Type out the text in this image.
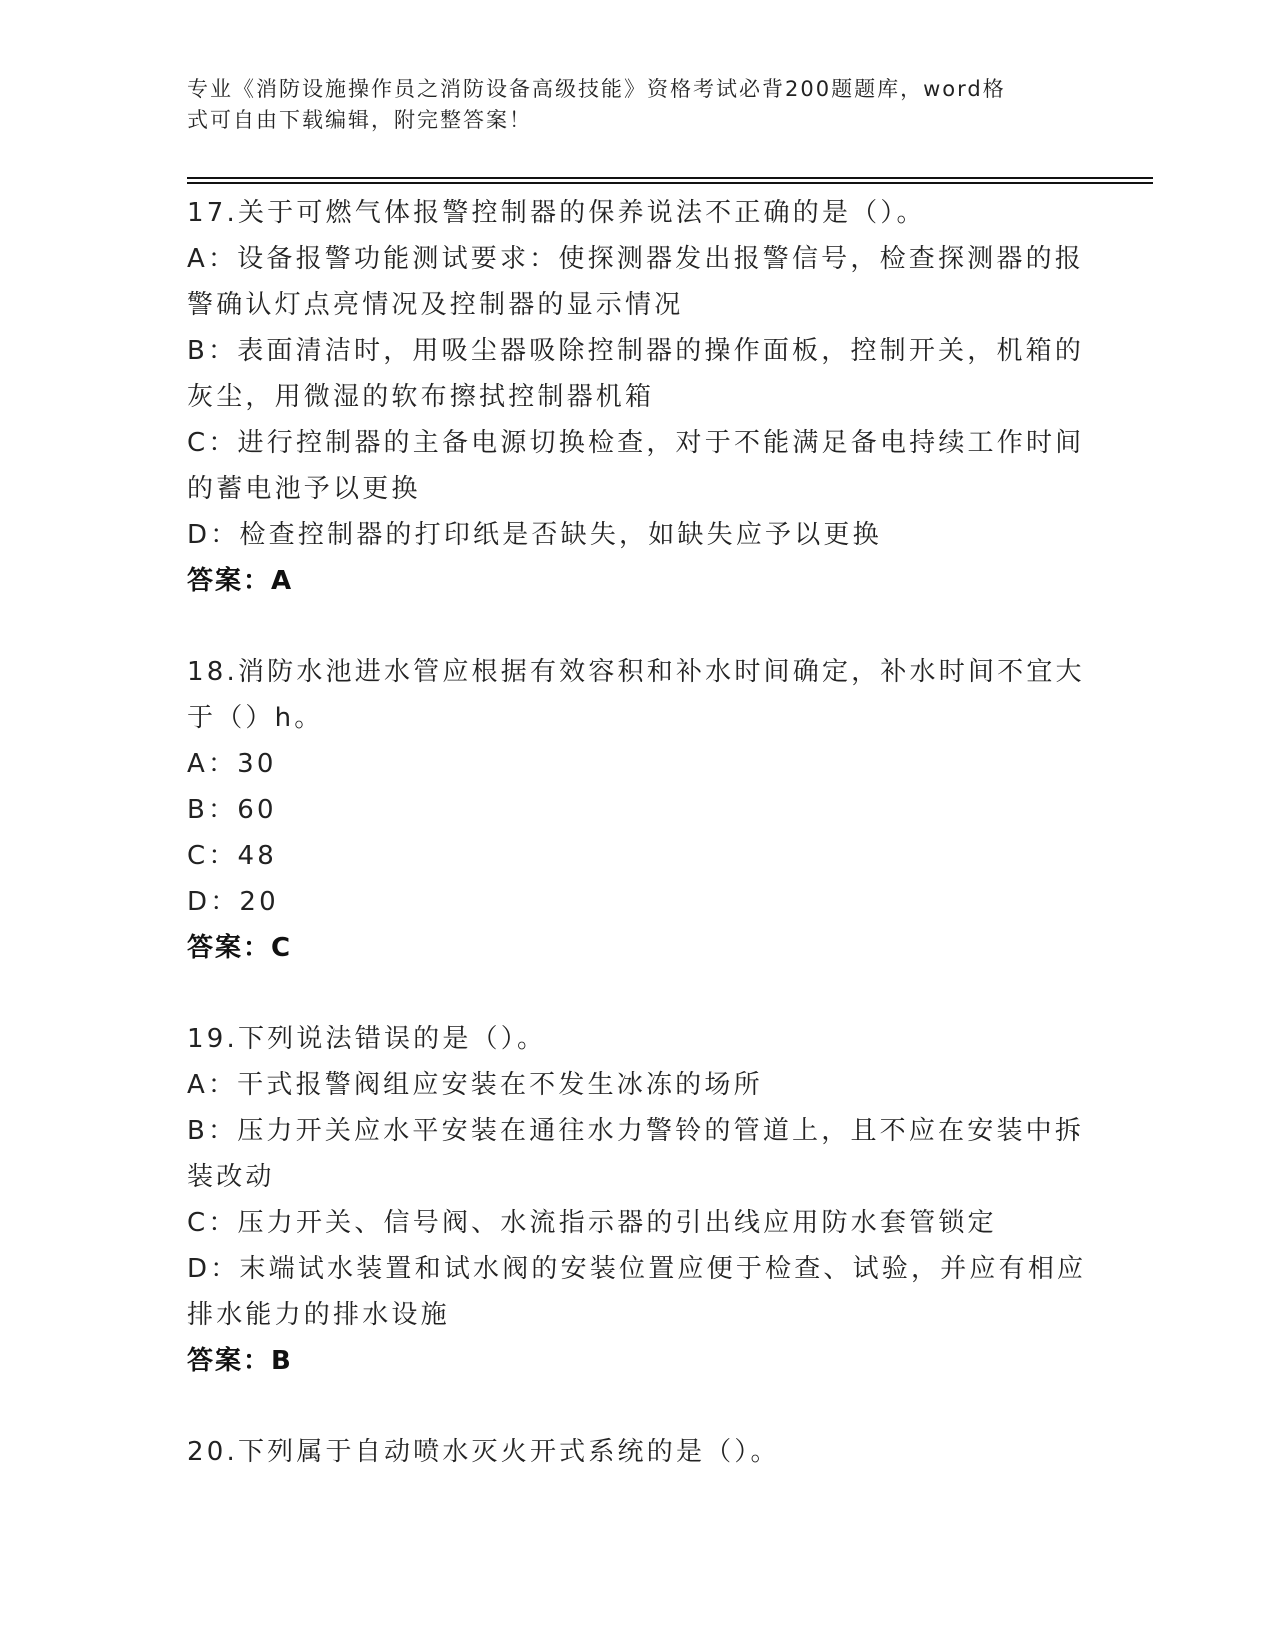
专业《消防设施操作员之消防设备高级技能》资格考试必背200题题库，word格
式可自由下载编辑，附完整答案！
17.关于可燃气体报警控制器的保养说法不正确的是（）。
A：设备报警功能测试要求：使探测器发出报警信号，检查探测器的报
警确认灯点亮情况及控制器的显示情况
B：表面清洁时，用吸尘器吸除控制器的操作面板，控制开关，机箱的
灰尘，用微湿的软布擦拭控制器机箱
C：进行控制器的主备电源切换检查，对于不能满足备电持续工作时间
的蓄电池予以更换
D：检查控制器的打印纸是否缺失，如缺失应予以更换
答案：A
18.消防水池进水管应根据有效容积和补水时间确定，补水时间不宜大
于（）h。
A：30
B：60
C：48
D：20
答案：C
19.下列说法错误的是（）。
A：干式报警阀组应安装在不发生冰冻的场所
B：压力开关应水平安装在通往水力警铃的管道上，且不应在安装中拆
装改动
C：压力开关、信号阀、水流指示器的引出线应用防水套管锁定
D：末端试水装置和试水阀的安装位置应便于检查、试验，并应有相应
排水能力的排水设施
答案：B
20.下列属于自动喷水灭火开式系统的是（）。
